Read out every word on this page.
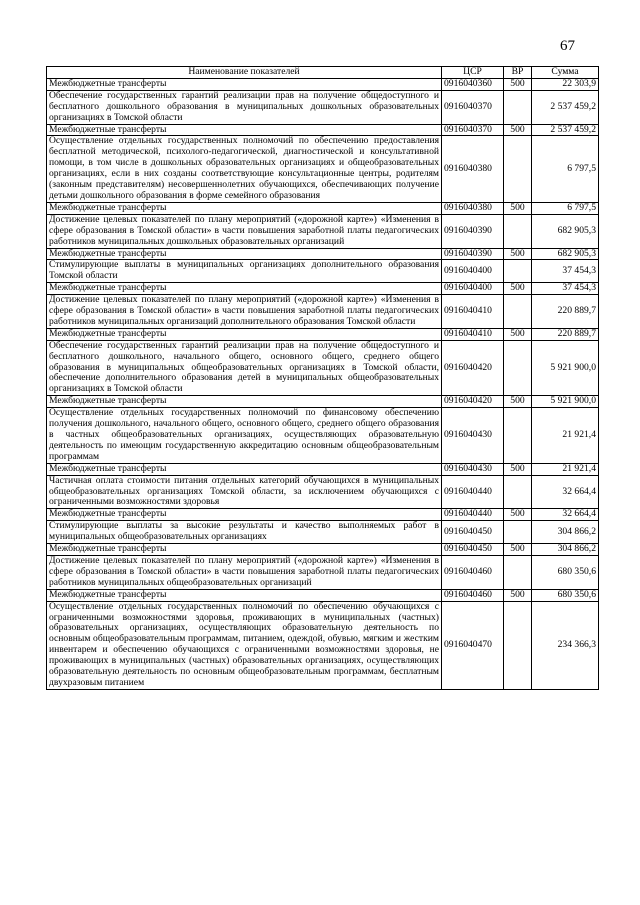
67
Наименование показателей	ЦСР	ВР	Сумма
Межбюджетные трансферты	0916040360	500	22 303,9
Обеспечение государственных гарантий реализации прав на получение общедоступного и бесплатного дошкольного образования в муниципальных дошкольных образовательных организациях в Томской области	0916040370		2 537 459,2
Межбюджетные трансферты	0916040370	500	2 537 459,2
Осуществление отдельных государственных полномочий по обеспечению предоставления бесплатной методической, психолого-педагогической, диагностической и консультативной помощи, в том числе в дошкольных образовательных организациях и общеобразовательных организациях, если в них созданы соответствующие консультационные центры, родителям (законным представителям) несовершеннолетних обучающихся, обеспечивающих получение детьми дошкольного образования в форме семейного образования	0916040380		6 797,5
Межбюджетные трансферты	0916040380	500	6 797,5
Достижение целевых показателей по плану мероприятий («дорожной карте») «Изменения в сфере образования в Томской области» в части повышения заработной платы педагогических работников муниципальных дошкольных образовательных организаций	0916040390		682 905,3
Межбюджетные трансферты	0916040390	500	682 905,3
Стимулирующие выплаты в муниципальных организациях дополнительного образования Томской области	0916040400		37 454,3
Межбюджетные трансферты	0916040400	500	37 454,3
Достижение целевых показателей по плану мероприятий («дорожной карте») «Изменения в сфере образования в Томской области» в части повышения заработной платы педагогических работников муниципальных организаций дополнительного образования Томской области	0916040410		220 889,7
Межбюджетные трансферты	0916040410	500	220 889,7
Обеспечение государственных гарантий реализации прав на получение общедоступного и бесплатного дошкольного, начального общего, основного общего, среднего общего образования в муниципальных общеобразовательных организациях в Томской области, обеспечение дополнительного образования детей в муниципальных общеобразовательных организациях в Томской области	0916040420		5 921 900,0
Межбюджетные трансферты	0916040420	500	5 921 900,0
Осуществление отдельных государственных полномочий по финансовому обеспечению получения дошкольного, начального общего, основного общего, среднего общего образования в частных общеобразовательных организациях, осуществляющих образовательную деятельность по имеющим государственную аккредитацию основным общеобразовательным программам	0916040430		21 921,4
Межбюджетные трансферты	0916040430	500	21 921,4
Частичная оплата стоимости питания отдельных категорий обучающихся в муниципальных общеобразовательных организациях Томской области, за исключением обучающихся с ограниченными возможностями здоровья	0916040440		32 664,4
Межбюджетные трансферты	0916040440	500	32 664,4
Стимулирующие выплаты за высокие результаты и качество выполняемых работ в муниципальных общеобразовательных организациях	0916040450		304 866,2
Межбюджетные трансферты	0916040450	500	304 866,2
Достижение целевых показателей по плану мероприятий («дорожной карте») «Изменения в сфере образования в Томской области» в части повышения заработной платы педагогических работников муниципальных общеобразовательных организаций	0916040460		680 350,6
Межбюджетные трансферты	0916040460	500	680 350,6
Осуществление отдельных государственных полномочий по обеспечению обучающихся с ограниченными возможностями здоровья, проживающих в муниципальных (частных) образовательных организациях, осуществляющих образовательную деятельность по основным общеобразовательным программам, питанием, одеждой, обувью, мягким и жестким инвентарем и обеспечению обучающихся с ограниченными возможностями здоровья, не проживающих в муниципальных (частных) образовательных организациях, осуществляющих образовательную деятельность по основным общеобразовательным программам, бесплатным двухразовым питанием	0916040470		234 366,3
